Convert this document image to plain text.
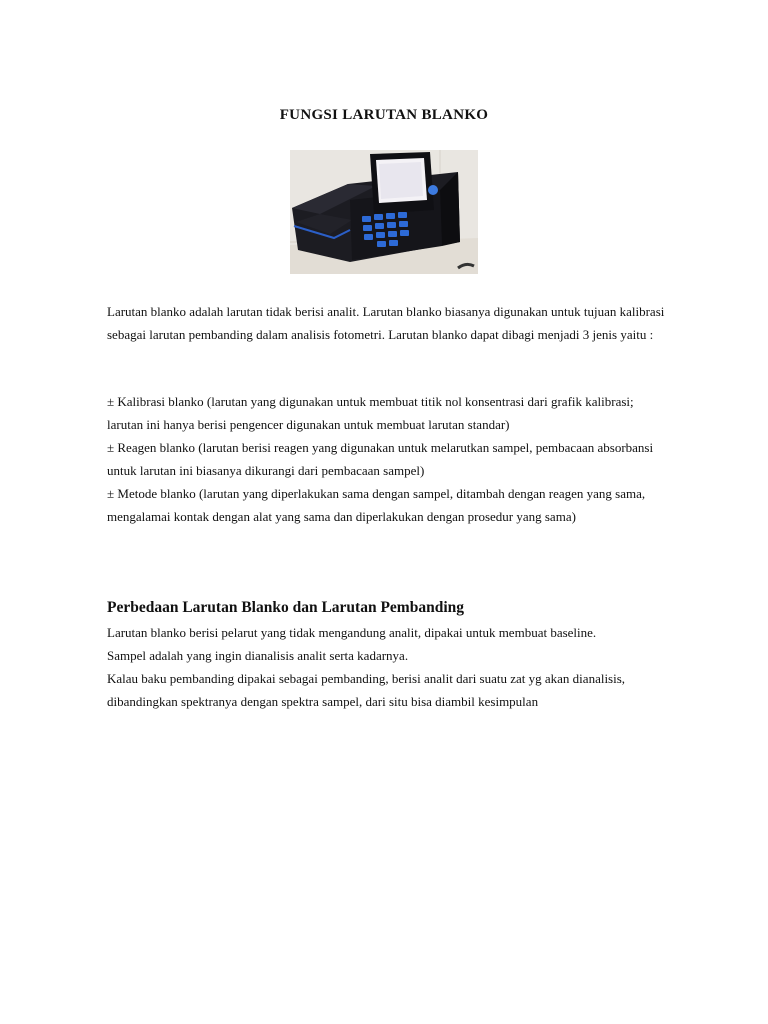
FUNGSI LARUTAN BLANKO

Larutan blanko adalah larutan tidak berisi analit. Larutan blanko biasanya digunakan untuk tujuan kalibrasi sebagai larutan pembanding dalam analisis fotometri. Larutan blanko dapat dibagi menjadi 3 jenis yaitu :

± Kalibrasi blanko (larutan yang digunakan untuk membuat titik nol konsentrasi dari grafik kalibrasi; larutan ini hanya berisi pengencer digunakan untuk membuat larutan standar)

± Reagen blanko (larutan berisi reagen yang digunakan untuk melarutkan sampel, pembacaan absorbansi untuk larutan ini biasanya dikurangi dari pembacaan sampel)

± Metode blanko (larutan yang diperlakukan sama dengan sampel, ditambah dengan reagen yang sama, mengalamai kontak dengan alat yang sama dan diperlakukan dengan prosedur yang sama)

Perbedaan Larutan Blanko dan Larutan Pembanding

Larutan blanko berisi pelarut yang tidak mengandung analit, dipakai untuk membuat baseline.

Sampel adalah yang ingin dianalisis analit serta kadarnya.

Kalau baku pembanding dipakai sebagai pembanding, berisi analit dari suatu zat yg akan dianalisis, dibandingkan spektranya dengan spektra sampel, dari situ bisa diambil kesimpulan
